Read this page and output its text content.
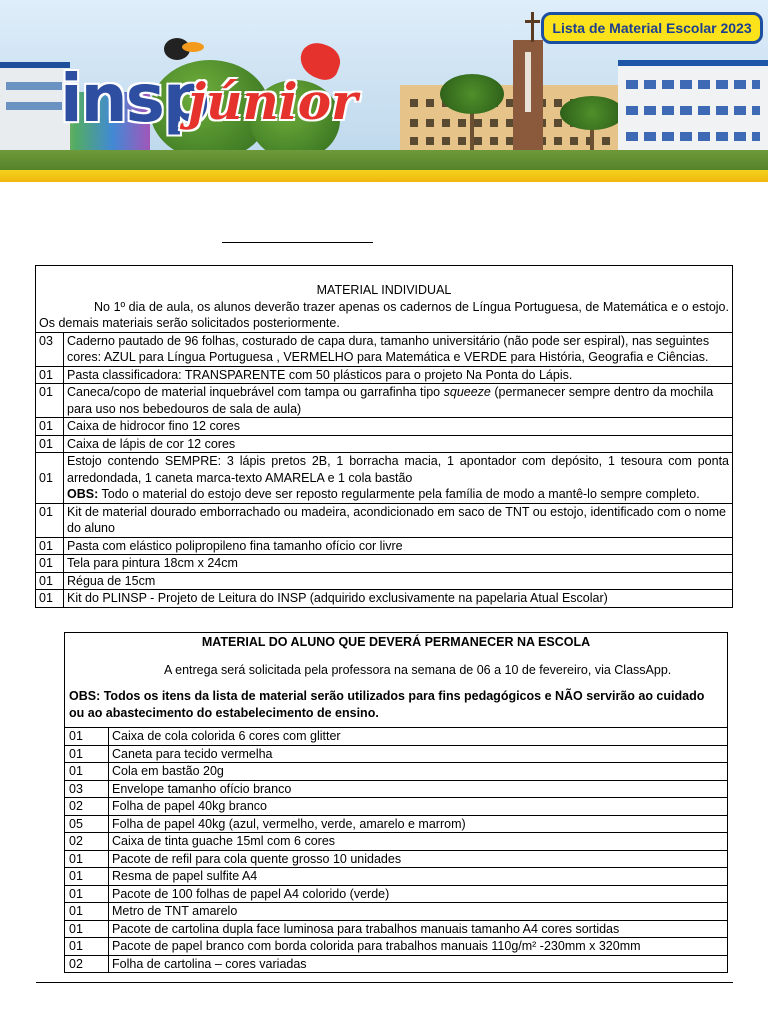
insp
júnior
Lista de Material Escolar 2023
MATERIAL INDIVIDUAL
No 1º dia de aula, os alunos deverão trazer apenas os cadernos de Língua Portuguesa, de Matemática e o estojo. Os demais materiais serão solicitados posteriormente.	

03	Caderno pautado de 96 folhas, costurado de capa dura, tamanho universitário (não pode ser espiral), nas seguintes cores: AZUL para Língua Portuguesa , VERMELHO para Matemática e VERDE para História, Geografia e Ciências.
01	Pasta classificadora: TRANSPARENTE com 50 plásticos para o projeto Na Ponta do Lápis.
01	Caneca/copo de material inquebrável com tampa ou garrafinha tipo squeeze (permanecer sempre dentro da mochila para uso nos bebedouros de sala de aula)
01	Caixa de hidrocor fino 12 cores
01	Caixa de lápis de cor 12 cores
01	Estojo contendo SEMPRE: 3 lápis pretos 2B, 1 borracha macia, 1 apontador com depósito, 1 tesoura com ponta arredondada, 1 caneta marca-texto AMARELA e 1 cola bastão
OBS: Todo o material do estojo deve ser reposto regularmente pela família de modo a mantê-lo sempre completo.

01	Kit de material dourado emborrachado ou madeira, acondicionado em saco de TNT ou estojo, identificado com o nome do aluno
01	Pasta com elástico polipropileno fina tamanho ofício cor livre
01	Tela para pintura 18cm x 24cm
01	Régua de 15cm
01	Kit do PLINSP - Projeto de Leitura do INSP (adquirido exclusivamente na papelaria Atual Escolar)
MATERIAL DO ALUNO QUE DEVERÁ PERMANECER NA ESCOLA
A entrega será solicitada pela professora na semana de 06 a 10 de fevereiro, via ClassApp.
OBS: Todos os itens da lista de material serão utilizados para fins pedagógicos e NÃO servirão ao cuidado ou ao abastecimento do estabelecimento de ensino.	

01	Caixa de cola colorida 6 cores com glitter
01	Caneta para tecido vermelha
01	Cola em bastão 20g
03	Envelope tamanho ofício branco
02	Folha de papel 40kg branco
05	Folha de papel 40kg (azul, vermelho, verde, amarelo e marrom)
02	Caixa de tinta guache 15ml com 6 cores
01	Pacote de refil para cola quente grosso 10 unidades
01	Resma de papel sulfite A4
01	Pacote de 100 folhas de papel A4 colorido (verde)
01	Metro de TNT amarelo
01	Pacote de cartolina dupla face luminosa para trabalhos manuais tamanho A4 cores sortidas
01	Pacote de papel branco com borda colorida para trabalhos manuais 110g/m² -230mm x 320mm
02	Folha de cartolina – cores variadas
